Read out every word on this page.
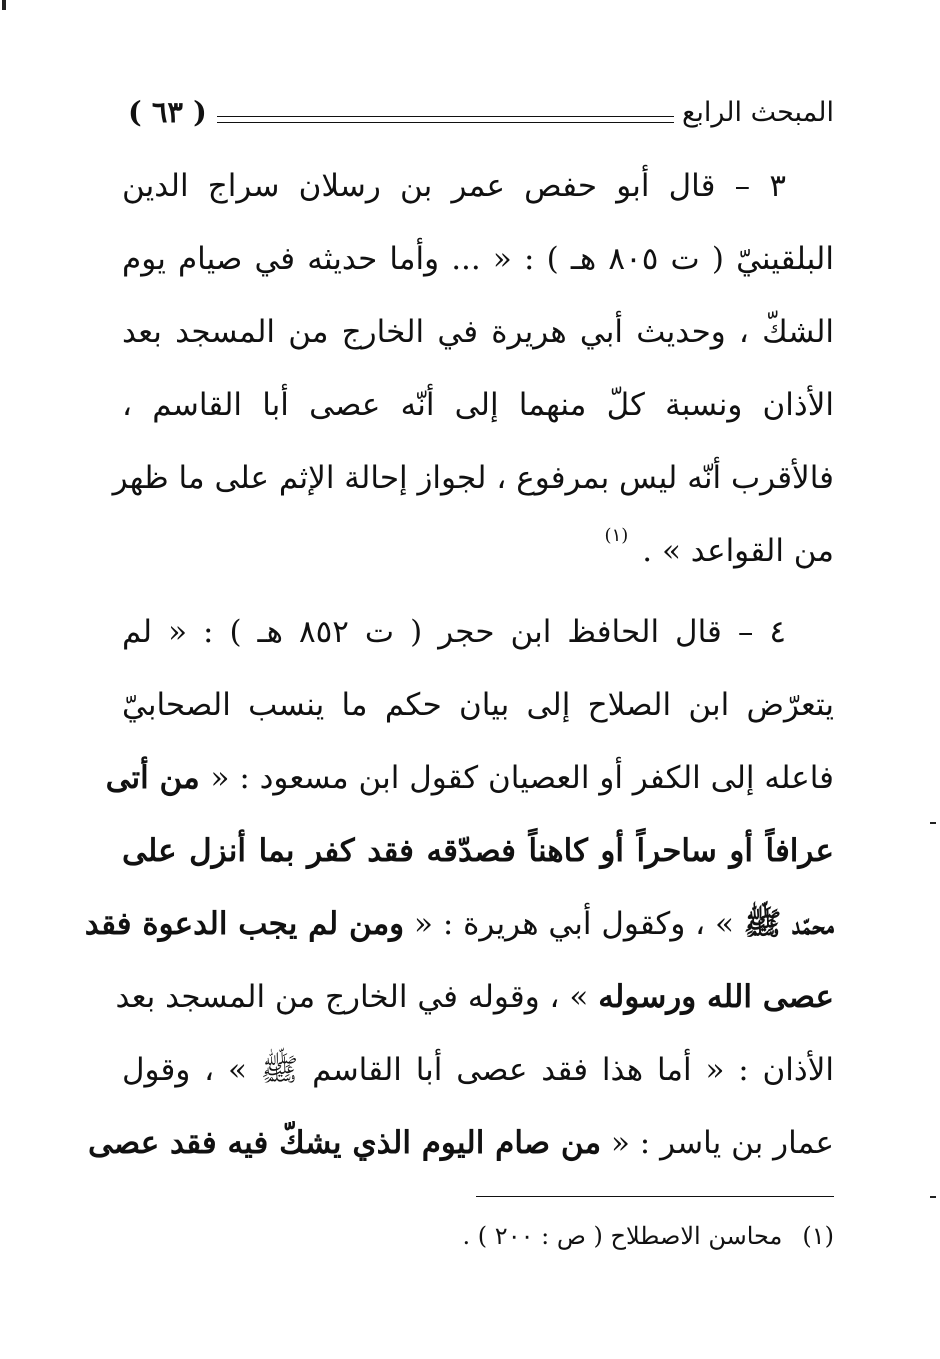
المبحث الرابع
( ٦٣ )
٣ – قال أبو حفص عمر بن رسلان سراج الدين
البلقينيّ ( ت ٨٠٥ هـ ) : « ... وأما حديثه في صيام يوم
الشكّ ، وحديث أبي هريرة في الخارج من المسجد بعد
الأذان ونسبة كلّ منهما إلى أنّه عصى أبا القاسم ،
فالأقرب أنّه ليس بمرفوع ، لجواز إحالة الإثم على ما ظهر
من القواعد » .$^{(١)}$
٤ – قال الحافظ ابن حجر ( ت ٨٥٢ هـ ) : « لم
يتعرّض ابن الصلاح إلى بيان حكم ما ينسب الصحابيّ
فاعله إلى الكفر أو العصيان كقول ابن مسعود : « من أتى
عرافاً أو ساحراً أو كاهناً فصدّقه فقد كفر بما أنزل على
محمّد ﷺ » ، وكقول أبي هريرة : « ومن لم يجب الدعوة فقد
عصى الله ورسوله » ، وقوله في الخارج من المسجد بعد
الأذان : « أما هذا فقد عصى أبا القاسم ﷺ » ، وقول
عمار بن ياسر : « من صام اليوم الذي يشكّ فيه فقد عصى
(١)محاسن الاصطلاح ( ص : ٢٠٠ ) .
